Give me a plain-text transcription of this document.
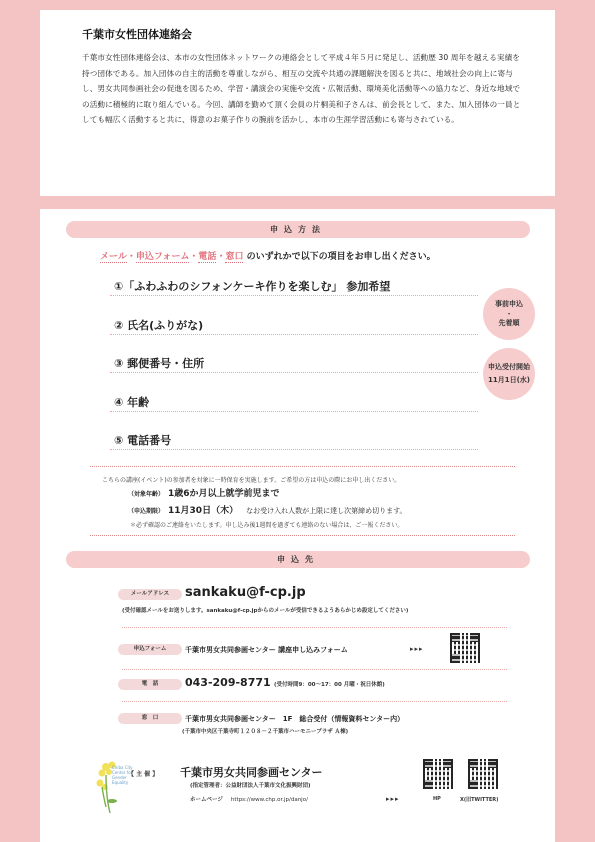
千葉市女性団体連絡会
千葉市女性団体連絡会は、本市の女性団体ネットワークの連絡会として平成４年５月に発足し、活動歴 30 周年を越える実績を持つ団体である。加入団体の自主的活動を尊重しながら、相互の交流や共通の課題解決を図ると共に、地域社会の向上に寄与し、男女共同参画社会の促進を図るため、学習・講演会の実施や交流・広報活動、環境美化活動等への協力など、身近な地域での活動に積極的に取り組んでいる。今回、講師を勤めて頂く会員の片桐美和子さんは、前会長として、また、加入団体の一員としても幅広く活動すると共に、得意のお菓子作りの腕前を活かし、本市の生涯学習活動にも寄与されている。
申込方法
メール・申込フォーム・電話・窓口 のいずれかで以下の項目をお申し出ください。
①「ふわふわのシフォンケーキ作りを楽しむ」 参加希望
② 氏名(ふりがな)
③ 郵便番号・住所
④ 年齢
⑤ 電話番号
事前申込
・
先着順
申込受付開始
11月1日(水)
こちらの講座(イベント)の参加者を対象に一時保育を実施します。ご希望の方は申込の際にお申し出ください。
（対象年齢） 1歳6か月以上就学前児まで
（申込期限） 11月30日（木） なお受け入れ人数が上限に達し次第締め切ります。
＊必ず確認のご連絡をいたします。申し込み後1週間を過ぎても連絡のない場合は、ご一報ください。
申込先
メールアドレス	sankaku@f-cp.jp
(受付確認メールをお送りします。sankaku@f-cp.jpからのメールが受信できるようあらかじめ設定してください)
申込フォーム	千葉市男女共同参画センター 講座申し込みフォーム	▸▸▸
電　話	043-209-8771 (受付時間9：00～17：00 月曜・祝日休館)
窓　口	千葉市男女共同参画センター　1F　総合受付（情報資料センター内）
(千葉市中央区千葉寺町１２０８－２千葉市ハーモニープラザ Ａ棟)
Chiba City
Center for
Gender
Equality
【 主 催 】 千葉市男女共同参画センター
(指定管理者：公益財団法人千葉市文化振興財団)
ホームページ https://www.chp.or.jp/danjo/	▸▸▸	HP	X(旧TWITTER)
